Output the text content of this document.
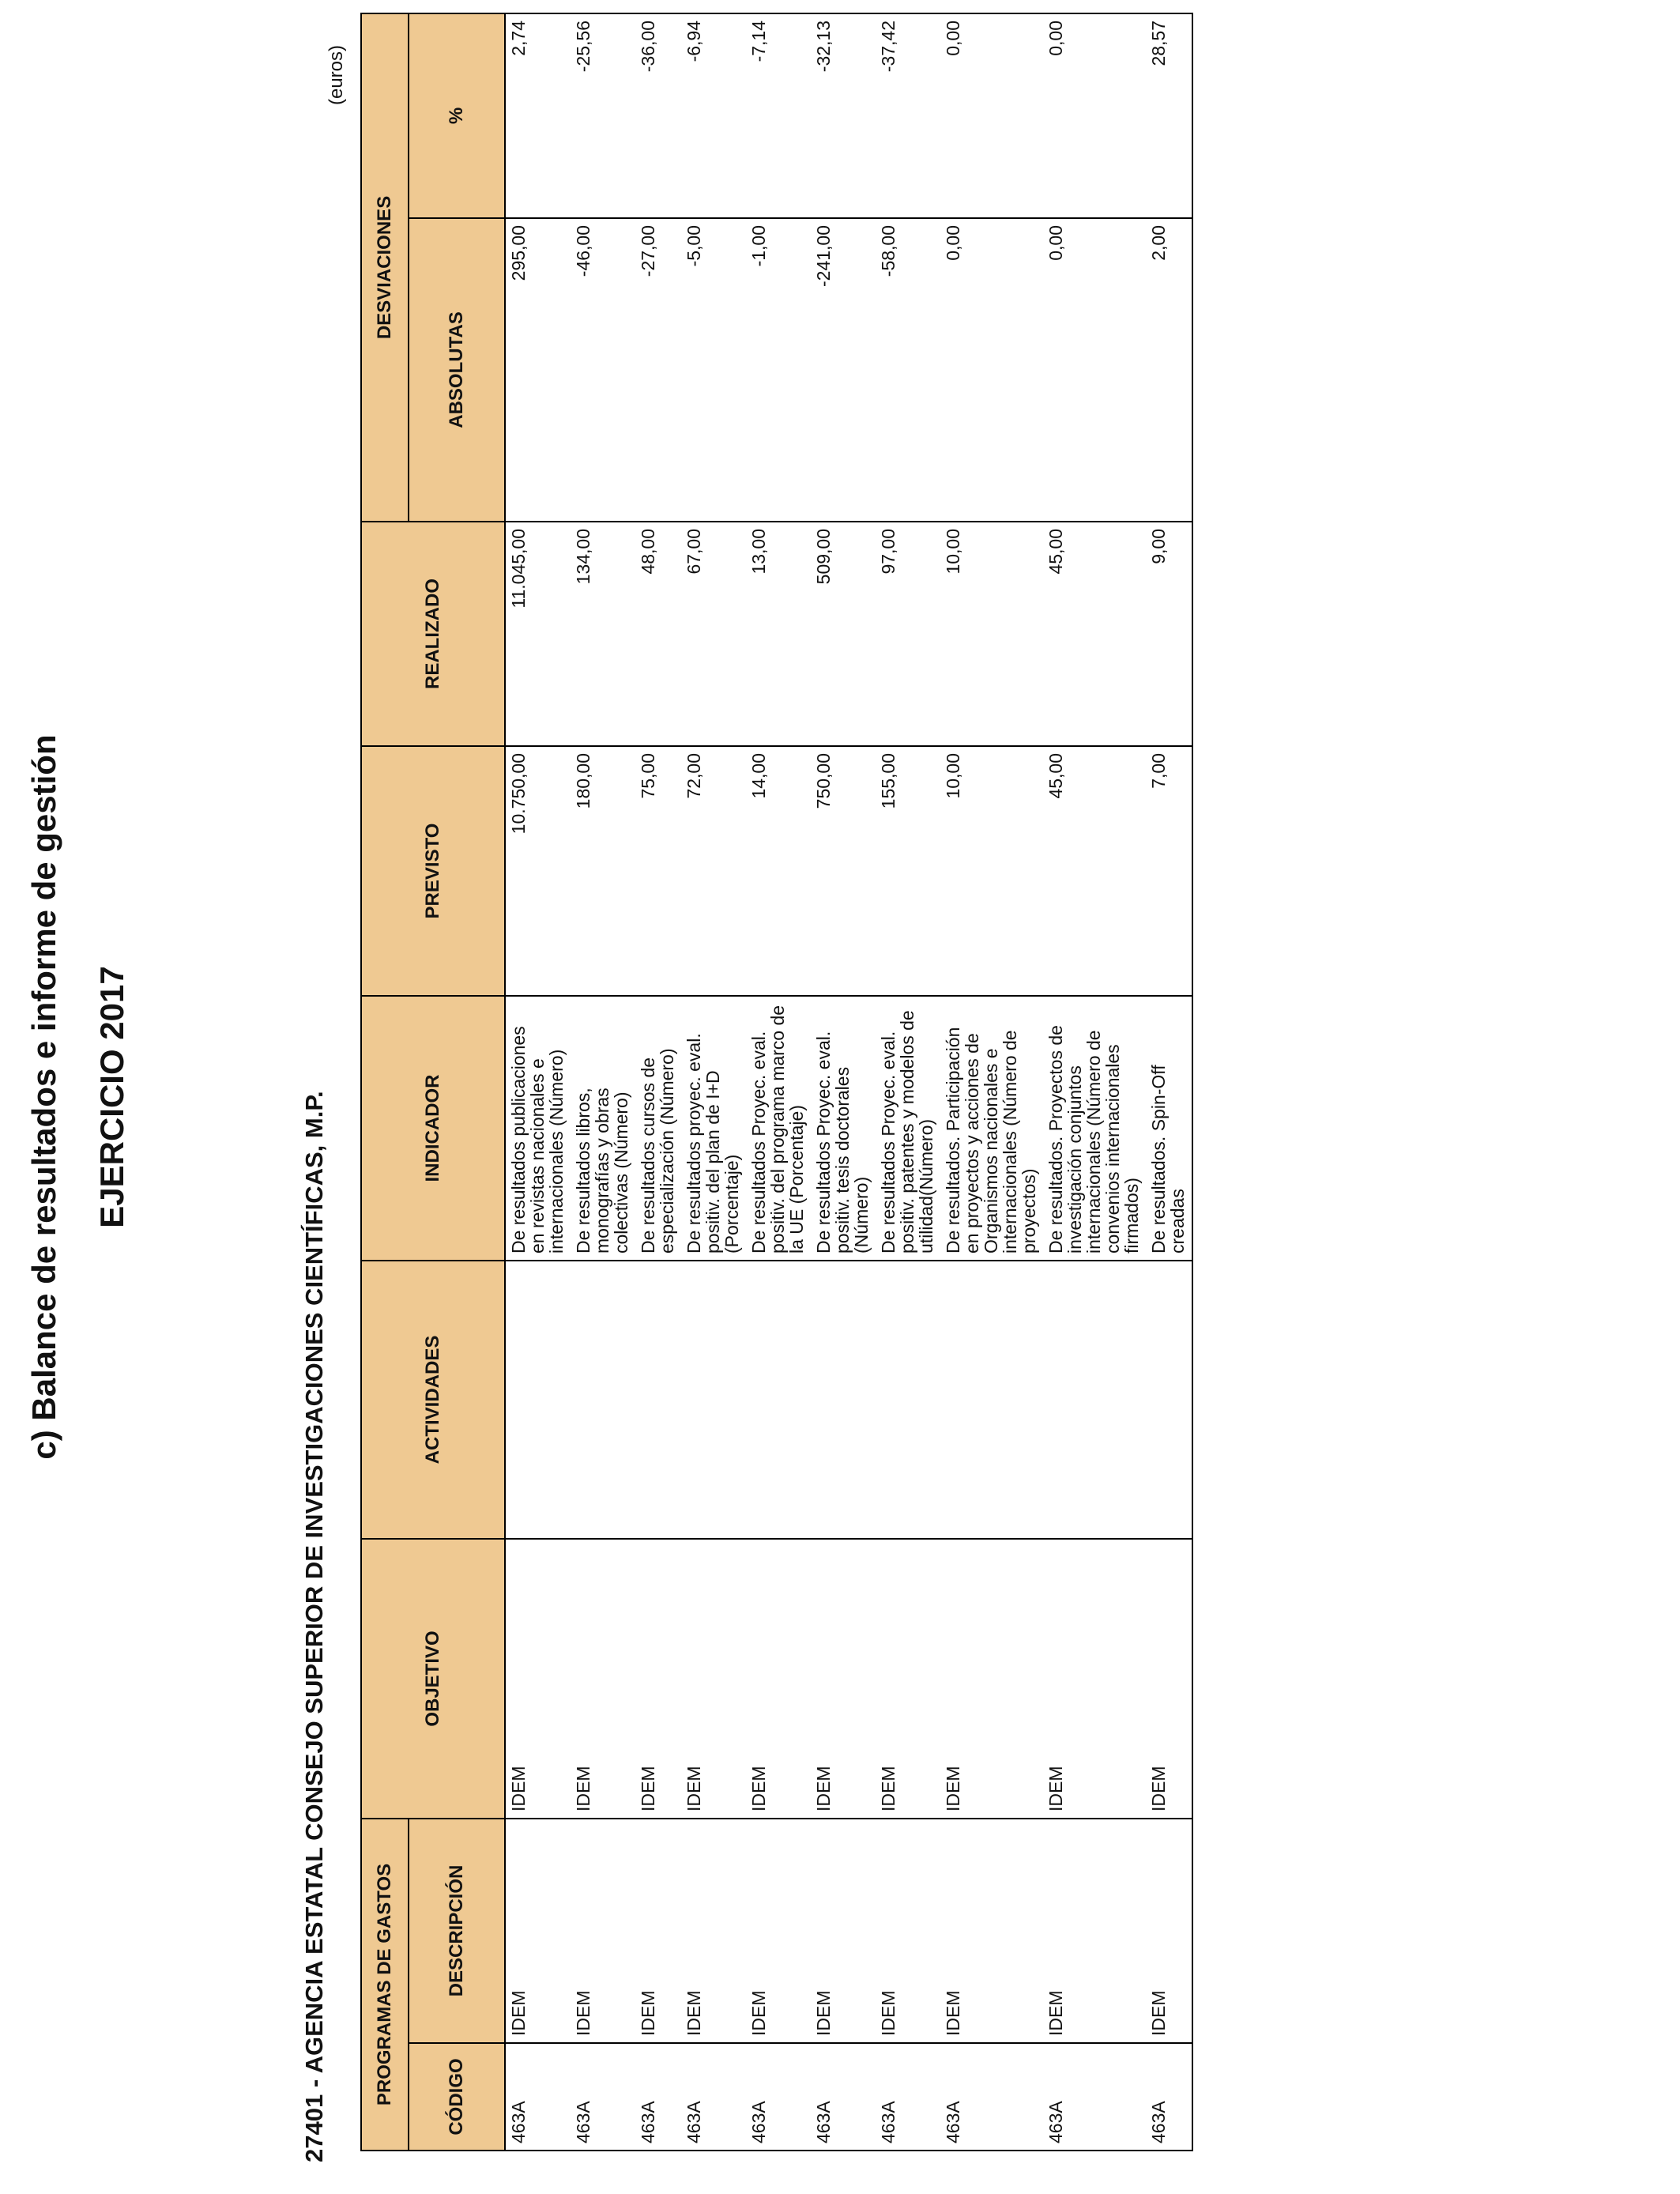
c) Balance de resultados e informe de gestión EJERCICIO 2017	27401 - AGENCIA ESTATAL CONSEJO SUPERIOR DE INVESTIGACIONES CIENTÍFICAS, M.P.
(euros)
PROGRAMAS DE GASTOS		OBJETIVO	ACTIVIDADES	INDICADOR	PREVISTO	REALIZADO	DESVIACIONES	
CÓDIGO	DESCRIPCIÓN						ABSOLUTAS	%
463A	IDEM	IDEM		De resultados publicaciones en revistas nacionales e internacionales (Número)	10.750,00	11.045,00	295,00	2,74
463A	IDEM	IDEM		De resultados libros, monografías y obras colectivas (Número)	180,00	134,00	-46,00	-25,56
463A	IDEM	IDEM		De resultados cursos de especialización (Número)	75,00	48,00	-27,00	-36,00
463A	IDEM	IDEM		De resultados proyec. eval. positiv. del plan de I+D (Porcentaje)	72,00	67,00	-5,00	-6,94
463A	IDEM	IDEM		De resultados Proyec. eval. positiv. del programa marco de la UE (Porcentaje)	14,00	13,00	-1,00	-7,14
463A	IDEM	IDEM		De resultados Proyec. eval. positiv. tesis doctorales (Número)	750,00	509,00	-241,00	-32,13
463A	IDEM	IDEM		De resultados Proyec. eval. positiv. patentes y modelos de utilidad(Número)	155,00	97,00	-58,00	-37,42
463A	IDEM	IDEM		De resultados. Participación en proyectos y acciones de Organismos nacionales e internacionales (Número de proyectos)	10,00	10,00	0,00	0,00
463A	IDEM	IDEM		De resultados. Proyectos de investigación conjuntos internacionales (Número de convenios internacionales firmados)	45,00	45,00	0,00	0,00
463A	IDEM	IDEM		De resultados. Spin-Off creadas	7,00	9,00	2,00	28,57
